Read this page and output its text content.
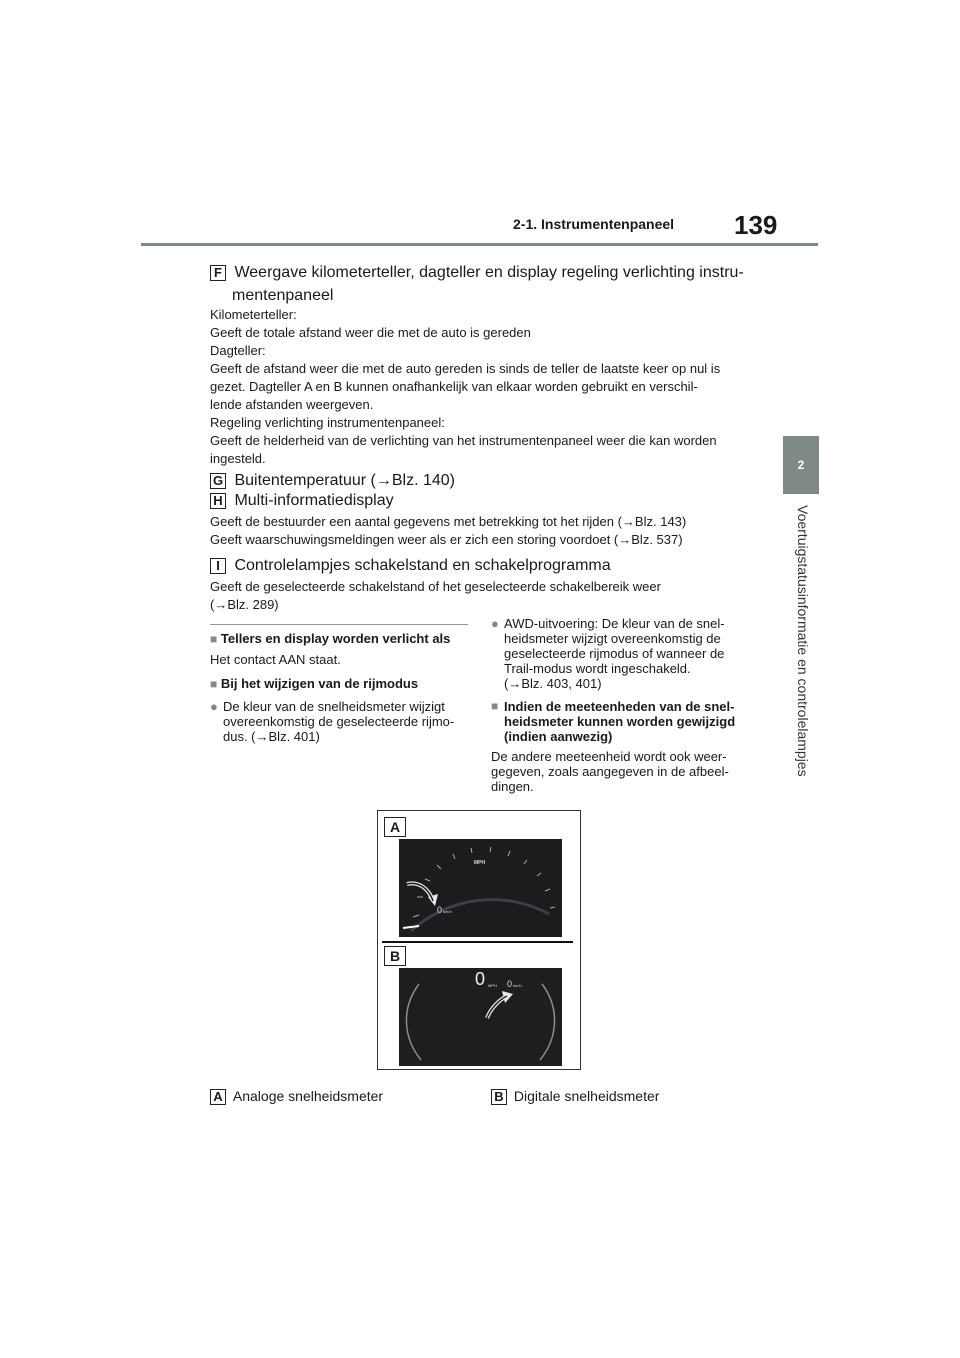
2-1. Instrumentenpaneel 139
2
Voertuigstatusinformatie en controlelampjes
F Weergave kilometerteller, dagteller en display regeling verlichting instru-
mentenpaneel
Kilometerteller:
Geeft de totale afstand weer die met de auto is gereden
Dagteller:
Geeft de afstand weer die met de auto gereden is sinds de teller de laatste keer op nul is
gezet. Dagteller A en B kunnen onafhankelijk van elkaar worden gebruikt en verschil-
lende afstanden weergeven.
Regeling verlichting instrumentenpaneel:
Geeft de helderheid van de verlichting van het instrumentenpaneel weer die kan worden
ingesteld.
G Buitentemperatuur (→Blz. 140)
H Multi-informatiedisplay
Geeft de bestuurder een aantal gegevens met betrekking tot het rijden (→Blz. 143)
Geeft waarschuwingsmeldingen weer als er zich een storing voordoet (→Blz. 537)
I Controlelampjes schakelstand en schakelprogramma
Geeft de geselecteerde schakelstand of het geselecteerde schakelbereik weer
(→Blz. 289)
■ Tellers en display worden verlicht als
Het contact AAN staat.
■ Bij het wijzigen van de rijmodus
● De kleur van de snelheidsmeter wijzigt
overeenkomstig de geselecteerde rijmo-
dus. (→Blz. 401)
● AWD-uitvoering: De kleur van de snel-
heidsmeter wijzigt overeenkomstig de
geselecteerde rijmodus of wanneer de
Trail-modus wordt ingeschakeld.
(→Blz. 403, 401)
■ Indien de meeteenheden van de snel-
heidsmeter kunnen worden gewijzigd
(indien aanwezig)
De andere meeteenheid wordt ook weer-
gegeven, zoals aangegeven in de afbeel-
dingen.
A
B
MPH
0 km/h
0 MPH 0 km/h
A Analoge snelheidsmeter	B Digitale snelheidsmeter
